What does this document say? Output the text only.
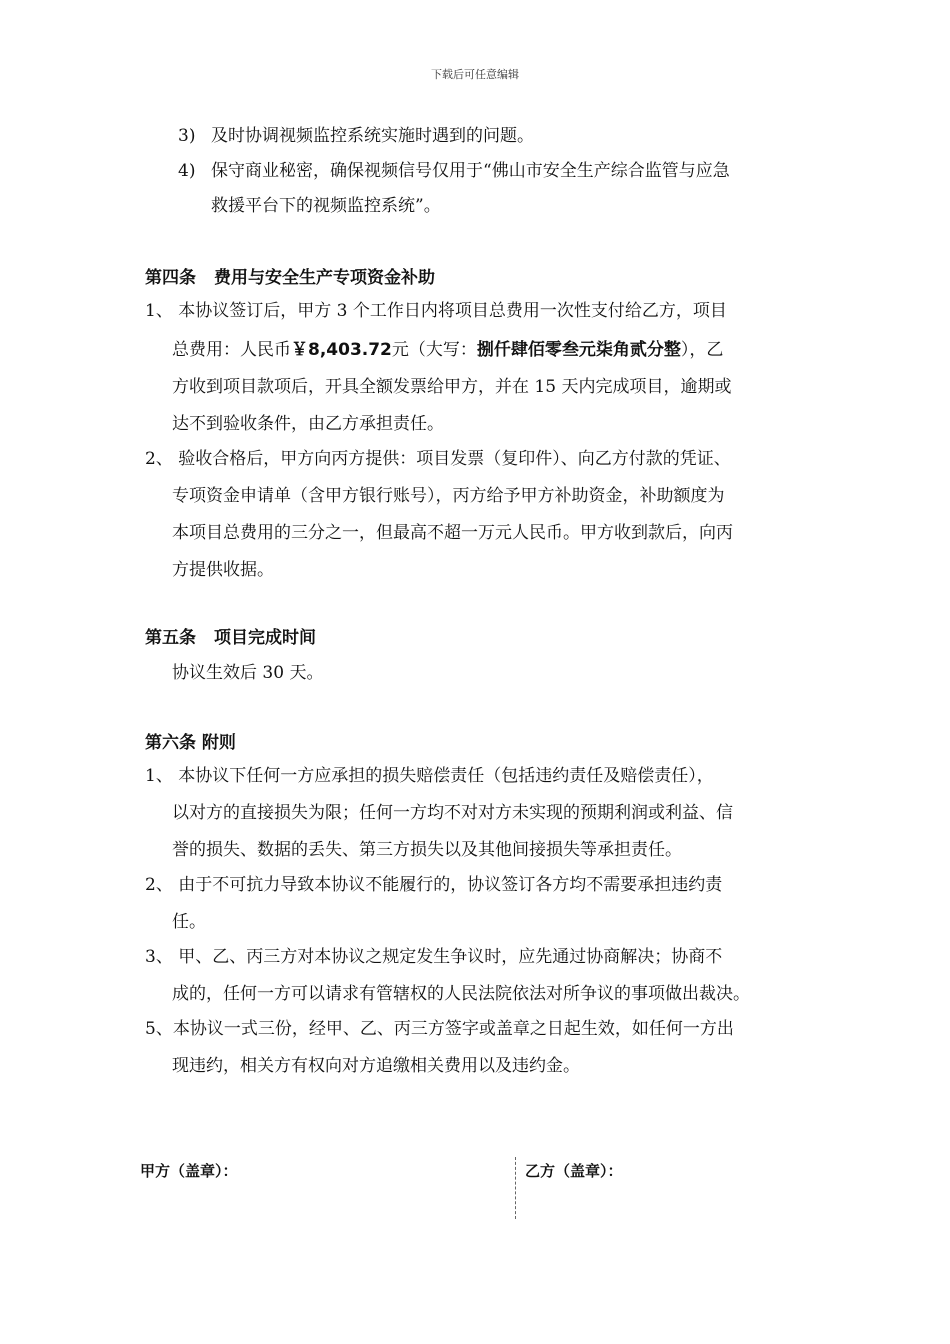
下载后可任意编辑
3) 及时协调视频监控系统实施时遇到的问题。
4) 保守商业秘密，确保视频信号仅用于“佛山市安全生产综合监管与应急
救援平台下的视频监控系统”。
第四条 费用与安全生产专项资金补助
1、 本协议签订后，甲方 3 个工作日内将项目总费用一次性支付给乙方，项目
总费用：人民币￥8,403.72元（大写：捌仟肆佰零叁元柒角贰分整），乙
方收到项目款项后，开具全额发票给甲方，并在 15 天内完成项目，逾期或
达不到验收条件，由乙方承担责任。
2、 验收合格后，甲方向丙方提供：项目发票（复印件）、向乙方付款的凭证、
专项资金申请单（含甲方银行账号），丙方给予甲方补助资金，补助额度为
本项目总费用的三分之一，但最高不超一万元人民币。甲方收到款后，向丙
方提供收据。
第五条 项目完成时间
协议生效后 30 天。
第六条 附则
1、 本协议下任何一方应承担的损失赔偿责任（包括违约责任及赔偿责任），
以对方的直接损失为限；任何一方均不对对方未实现的预期利润或利益、信
誉的损失、数据的丢失、第三方损失以及其他间接损失等承担责任。
2、 由于不可抗力导致本协议不能履行的，协议签订各方均不需要承担违约责
任。
3、 甲、乙、丙三方对本协议之规定发生争议时，应先通过协商解决；协商不
成的，任何一方可以请求有管辖权的人民法院依法对所争议的事项做出裁决。
5、本协议一式三份，经甲、乙、丙三方签字或盖章之日起生效，如任何一方出
现违约，相关方有权向对方追缴相关费用以及违约金。
甲方（盖章）：	乙方（盖章）：
